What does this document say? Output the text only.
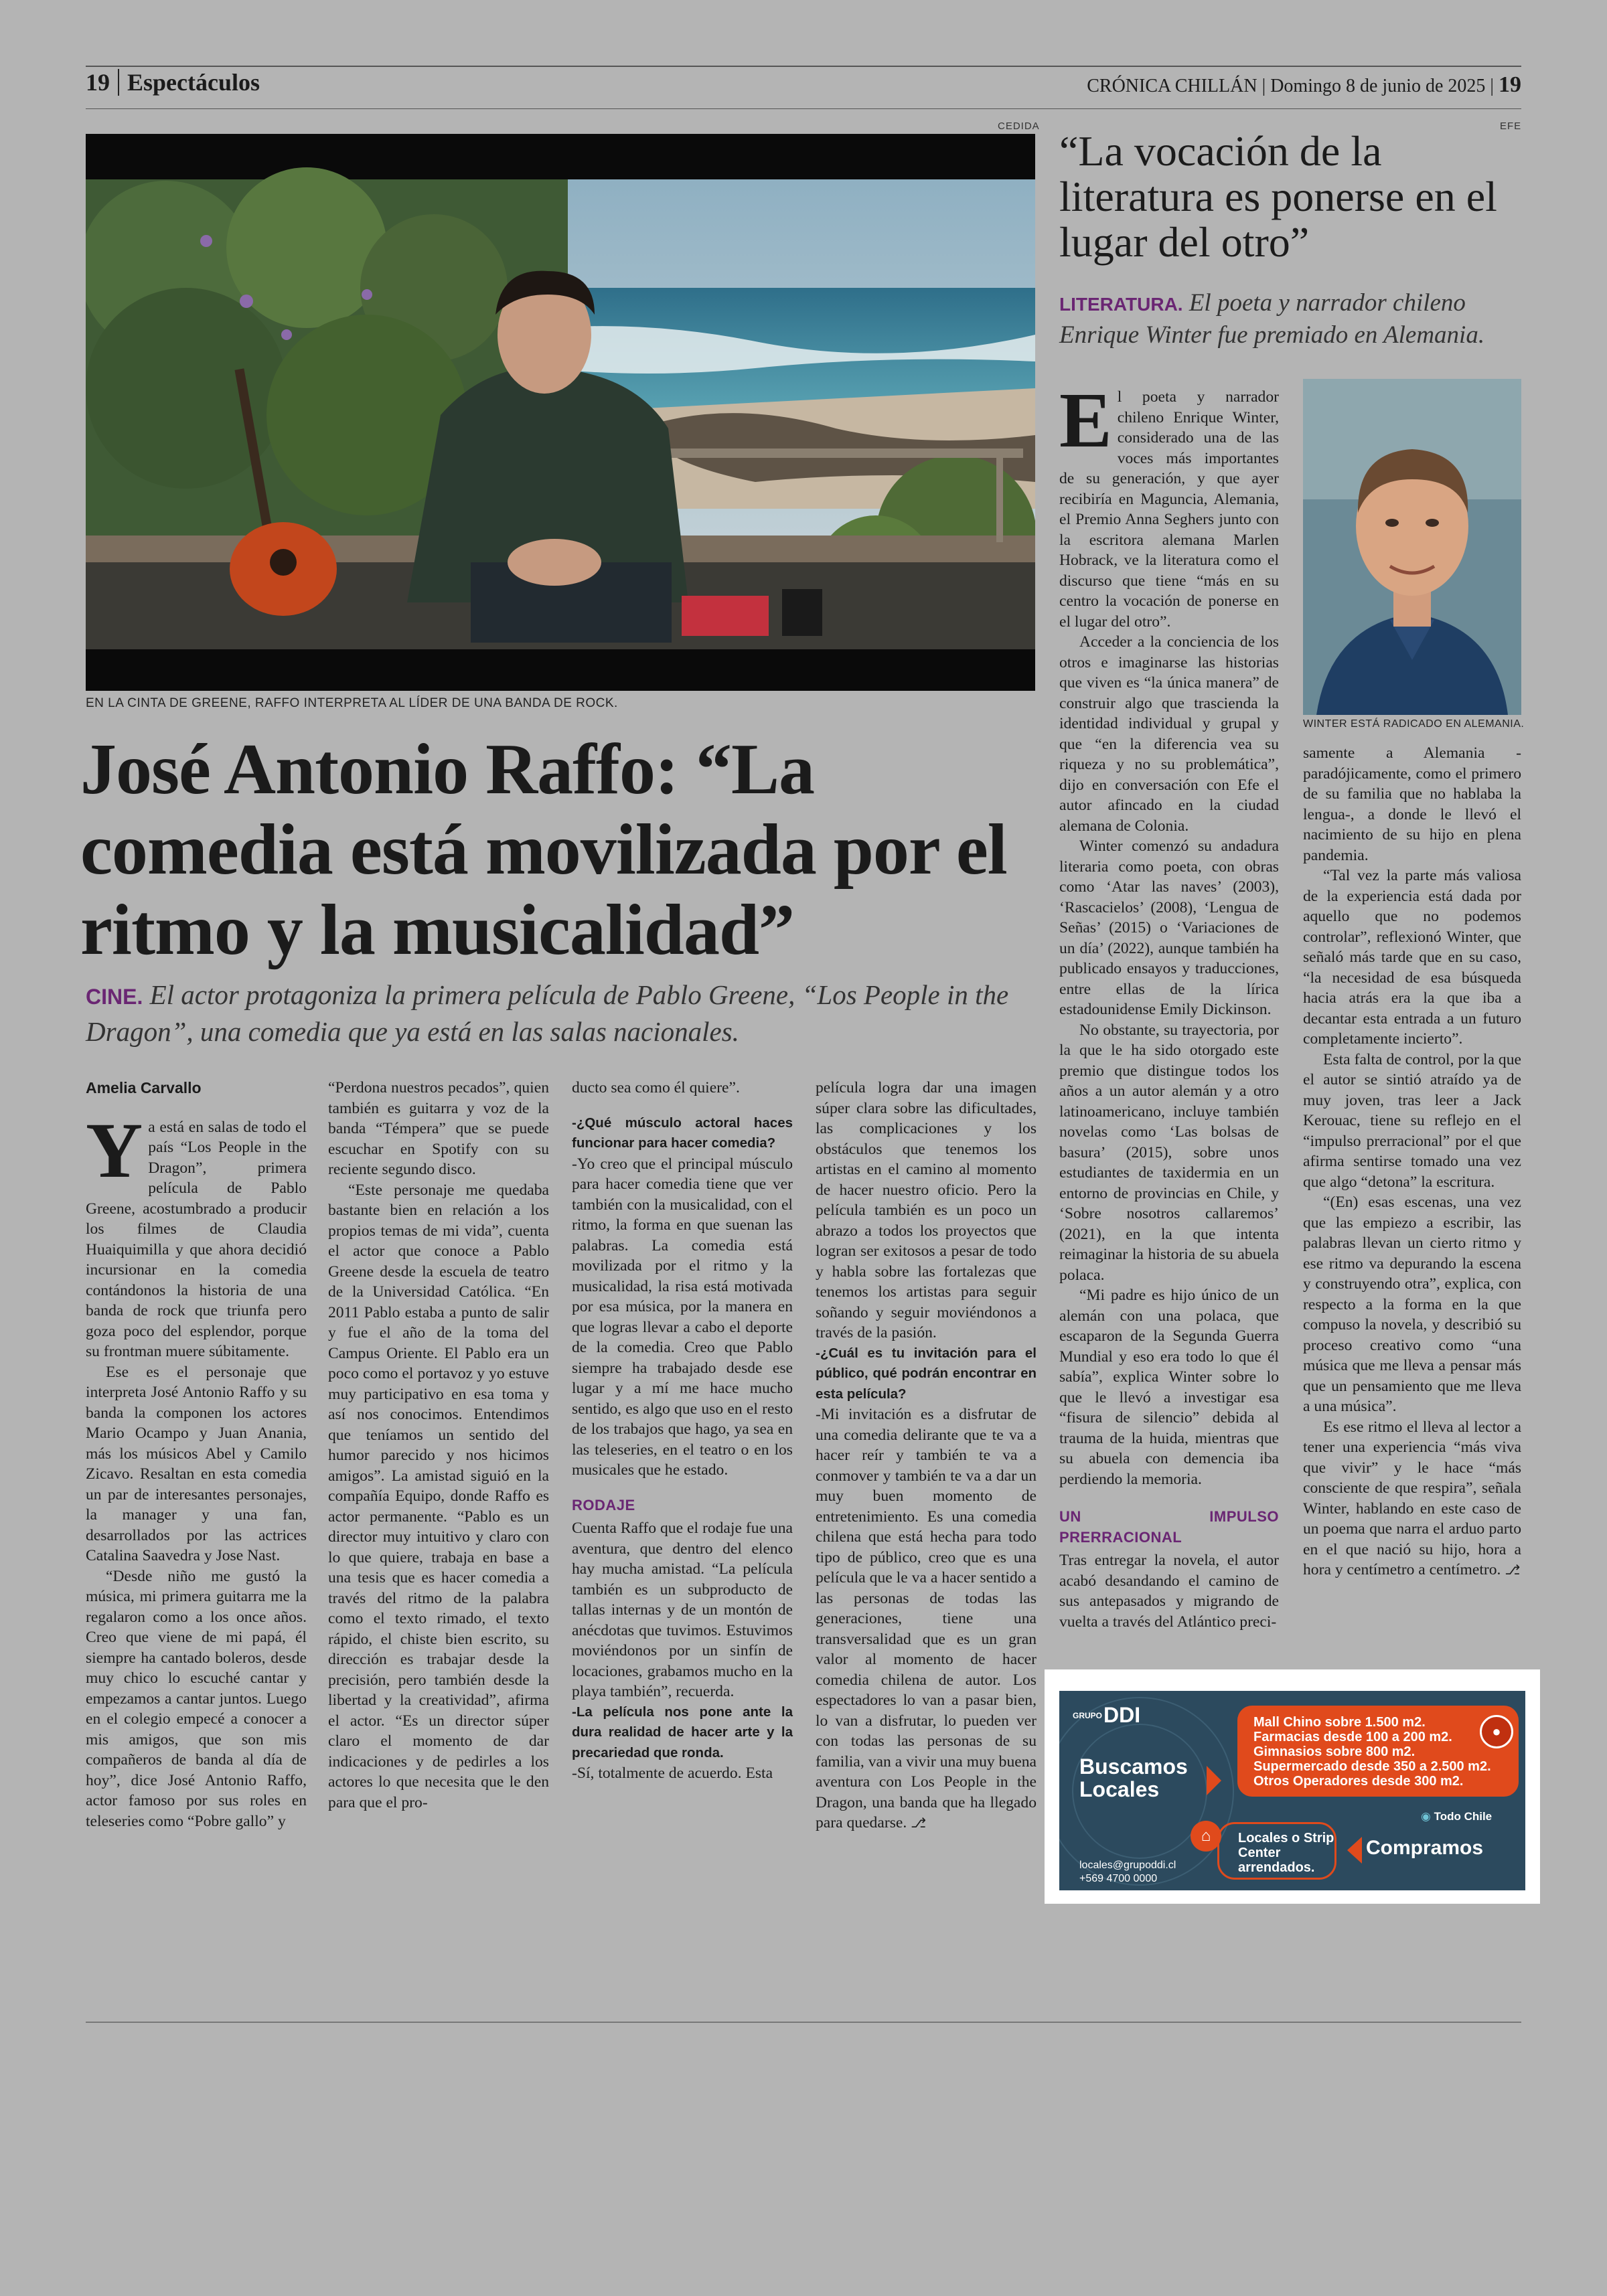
19 Espectáculos	CRÓNICA CHILLÁN | Domingo 8 de junio de 2025 | 19
CEDIDA	EFE
EN LA CINTA DE GREENE, RAFFO INTERPRETA AL LÍDER DE UNA BANDA DE ROCK.
José Antonio Raffo: “La comedia está movilizada por el ritmo y la musicalidad”
CINE. El actor protagoniza la primera película de Pablo Greene, “Los People in the Dragon”, una comedia que ya está en las salas nacionales.
Amelia Carvallo

Ya está en salas de todo el país “Los People in the Dragon”, primera película de Pablo Greene, acostumbrado a producir los filmes de Claudia Huaiquimilla y que ahora decidió incursionar en la comedia contándonos la historia de una banda de rock que triunfa pero goza poco del esplendor, porque su frontman muere súbitamente.

Ese es el personaje que interpreta José Antonio Raffo y su banda la componen los actores Mario Ocampo y Juan Anania, más los músicos Abel y Camilo Zicavo. Resaltan en esta comedia un par de interesantes personajes, la manager y una fan, desarrollados por las actrices Catalina Saavedra y Jose Nast.

“Desde niño me gustó la música, mi primera guitarra me la regalaron como a los once años. Creo que viene de mi papá, él siempre ha cantado boleros, desde muy chico lo escuché cantar y empezamos a cantar juntos. Luego en el colegio empecé a conocer a mis amigos, que son mis compañeros de banda al día de hoy”, dice José Antonio Raffo, actor famoso por sus roles en teleseries como “Pobre gallo” y

“Perdona nuestros pecados”, quien también es guitarra y voz de la banda “Témpera” que se puede escuchar en Spotify con su reciente segundo disco.

“Este personaje me quedaba bastante bien en relación a los propios temas de mi vida”, cuenta el actor que conoce a Pablo Greene desde la escuela de teatro de la Universidad Católica. “En 2011 Pablo estaba a punto de salir y fue el año de la toma del Campus Oriente. El Pablo era un poco como el portavoz y yo estuve muy participativo en esa toma y así nos conocimos. Entendimos que teníamos un sentido del humor parecido y nos hicimos amigos”. La amistad siguió en la compañía Equipo, donde Raffo es actor permanente. “Pablo es un director muy intuitivo y claro con lo que quiere, trabaja en base a una tesis que es hacer comedia a través del ritmo de la palabra como el texto rimado, el texto rápido, el chiste bien escrito, su dirección es trabajar desde la precisión, pero también desde la libertad y la creatividad”, afirma el actor. “Es un director súper claro el momento de dar indicaciones y de pedirles a los actores lo que necesita que le den para que el pro-

ducto sea como él quiere”.

-¿Qué músculo actoral haces funcionar para hacer comedia?

-Yo creo que el principal músculo para hacer comedia tiene que ver también con la musicalidad, con el ritmo, la forma en que suenan las palabras. La comedia está movilizada por el ritmo y la musicalidad, la risa está motivada por esa música, por la manera en que logras llevar a cabo el deporte de la comedia. Creo que Pablo siempre ha trabajado desde ese lugar y a mí me hace mucho sentido, es algo que uso en el resto de los trabajos que hago, ya sea en las teleseries, en el teatro o en los musicales que he estado.

RODAJE

Cuenta Raffo que el rodaje fue una aventura, que dentro del elenco hay mucha amistad. “La película también es un subproducto de tallas internas y de un montón de anécdotas que tuvimos. Estuvimos moviéndonos por un sinfín de locaciones, grabamos mucho en la playa también”, recuerda.

-La película nos pone ante la dura realidad de hacer arte y la precariedad que ronda.

-Sí, totalmente de acuerdo. Esta

película logra dar una imagen súper clara sobre las dificultades, las complicaciones y los obstáculos que tenemos los artistas en el camino al momento de hacer nuestro oficio. Pero la película también es un poco un abrazo a todos los proyectos que logran ser exitosos a pesar de todo y habla sobre las fortalezas que tenemos los artistas para seguir soñando y seguir moviéndonos a través de la pasión.

-¿Cuál es tu invitación para el público, qué podrán encontrar en esta película?

-Mi invitación es a disfrutar de una comedia delirante que te va a hacer reír y también te va a conmover y también te va a dar un muy buen momento de entretenimiento. Es una comedia chilena que está hecha para todo tipo de público, creo que es una película que le va a hacer sentido a las personas de todas las generaciones, tiene una transversalidad que es un gran valor al momento de hacer comedia chilena de autor. Los espectadores lo van a pasar bien, lo van a disfrutar, lo pueden ver con todas las personas de su familia, van a vivir una muy buena aventura con Los People in the Dragon, una banda que ha llegado para quedarse. ⎇

“La vocación de la literatura es ponerse en el lugar del otro”
LITERATURA. El poeta y narrador chileno Enrique Winter fue premiado en Alemania.
WINTER ESTÁ RADICADO EN ALEMANIA.

El poeta y narrador chileno Enrique Winter, considerado una de las voces más importantes de su generación, y que ayer recibiría en Maguncia, Alemania, el Premio Anna Seghers junto con la escritora alemana Marlen Hobrack, ve la literatura como el discurso que tiene “más en su centro la vocación de ponerse en el lugar del otro”.

Acceder a la conciencia de los otros e imaginarse las historias que viven es “la única manera” de construir algo que trascienda la identidad individual y grupal y que “en la diferencia vea su riqueza y no su problemática”, dijo en conversación con Efe el autor afincado en la ciudad alemana de Colonia.

Winter comenzó su andadura literaria como poeta, con obras como ‘Atar las naves’ (2003), ‘Rascacielos’ (2008), ‘Lengua de Señas’ (2015) o ‘Variaciones de un día’ (2022), aunque también ha publicado ensayos y traducciones, entre ellas de la lírica estadounidense Emily Dickinson.

No obstante, su trayectoria, por la que le ha sido otorgado este premio que distingue todos los años a un autor alemán y a otro latinoamericano, incluye también novelas como ‘Las bolsas de basura’ (2015), sobre unos estudiantes de taxidermia en un entorno de provincias en Chile, y ‘Sobre nosotros callaremos’ (2021), en la que intenta reimaginar la historia de su abuela polaca.

“Mi padre es hijo único de un alemán con una polaca, que escaparon de la Segunda Guerra Mundial y eso era todo lo que él sabía”, explica Winter sobre lo que le llevó a investigar esa “fisura de silencio” debida al trauma de la huida, mientras que su abuela con demencia iba perdiendo la memoria.

UN IMPULSO PRERRACIONAL

Tras entregar la novela, el autor acabó desandando el camino de sus antepasados y migrando de vuelta a través del Atlántico preci-

samente a Alemania -paradójicamente, como el primero de su familia que no hablaba la lengua-, a donde le llevó el nacimiento de su hijo en plena pandemia.

“Tal vez la parte más valiosa de la experiencia está dada por aquello que no podemos controlar”, reflexionó Winter, que señaló más tarde que en su caso, “la necesidad de esa búsqueda hacia atrás era la que iba a decantar esta entrada a un futuro completamente incierto”.

Esta falta de control, por la que el autor se sintió atraído ya de muy joven, tras leer a Jack Kerouac, tiene su reflejo en el “impulso prerracional” por el que afirma sentirse tomado una vez que algo “detona” la escritura.

“(En) esas escenas, una vez que las empiezo a escribir, las palabras llevan un cierto ritmo y ese ritmo va depurando la escena y construyendo otra”, explica, con respecto a la forma en la que compuso la novela, y describió su proceso creativo como “una música que me lleva a pensar más que un pensamiento que me lleva a una música”.

Es ese ritmo el lleva al lector a tener una experiencia “más viva que vivir” y le hace “más consciente de que respira”, señala Winter, hablando en este caso de un poema que narra el arduo parto en el que nació su hijo, hora a hora y centímetro a centímetro. ⎇

GRUPO DDI
Buscamos Locales
Mall Chino sobre 1.500 m2.
Farmacias desde 100 a 200 m2.
Gimnasios sobre 800 m2.
Supermercado desde 350 a 2.500 m2.
Otros Operadores desde 300 m2.
●
◉ Todo Chile
⌂	Locales o Strip Center arrendados.
Compramos
locales@grupoddi.cl
+569 4700 0000
